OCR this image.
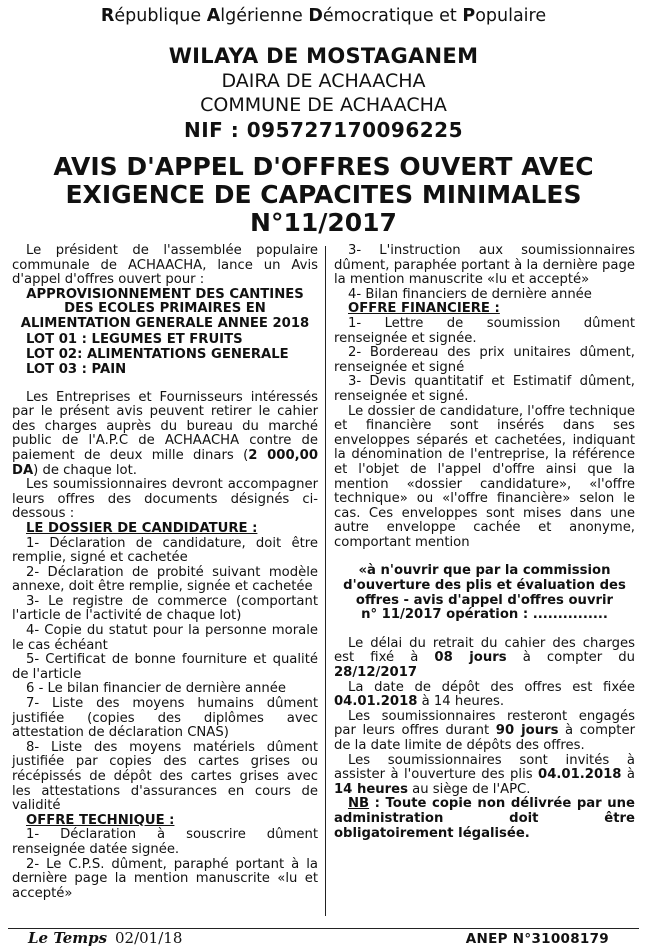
République Algérienne Démocratique et Populaire
WILAYA DE MOSTAGANEM
DAIRA DE ACHAACHA
COMMUNE DE ACHAACHA
NIF : 095727170096225
AVIS D'APPEL D'OFFRES OUVERT AVEC
EXIGENCE DE CAPACITES MINIMALES
N°11/2017

Le président de l'assemblée populaire communale de ACHAACHA, lance un Avis d'appel d'offres ouvert pour :

APPROVISIONNEMENT DES CANTINES DES ECOLES PRIMAIRES EN ALIMENTATION GENERALE ANNEE 2018

LOT 01 : LEGUMES ET FRUITS

LOT 02: ALIMENTATIONS GENERALE

LOT 03 : PAIN

Les Entreprises et Fournisseurs intéressés par le présent avis peuvent retirer le cahier des charges auprès du bureau du marché public de l'A.P.C de ACHAACHA contre de paiement de deux mille dinars (2 000,00 DA) de chaque lot.

Les soumissionnaires devront accompagner leurs offres des documents désignés ci-dessous :

LE DOSSIER DE CANDIDATURE :

1- Déclaration de candidature, doit être remplie, signé et cachetée

2- Déclaration de probité suivant modèle annexe, doit être remplie, signée et cachetée

3- Le registre de commerce (comportant l'article de l'activité de chaque lot)

4- Copie du statut pour la personne morale le cas échéant

5- Certificat de bonne fourniture et qualité de l'article

6 - Le bilan financier de dernière année

7- Liste des moyens humains dûment justifiée (copies des diplômes avec attestation de déclaration CNAS)

8- Liste des moyens matériels dûment justifiée par copies des cartes grises ou récépissés de dépôt des cartes grises avec les attestations d'assurances en cours de validité

OFFRE TECHNIQUE :

1- Déclaration à souscrire dûment renseignée datée signée.

2- Le C.P.S. dûment, paraphé portant à la dernière page la mention manuscrite «lu et accepté»

3- L'instruction aux soumissionnaires dûment, paraphée portant à la dernière page la mention manuscrite «lu et accepté»

4- Bilan financiers de dernière année

OFFRE FINANCIERE :

1- Lettre de soumission dûment renseignée et signée.

2- Bordereau des prix unitaires dûment, renseignée et signé

3- Devis quantitatif et Estimatif dûment, renseignée et signé.

Le dossier de candidature, l'offre technique et financière sont insérés dans ses enveloppes séparés et cachetées, indiquant la dénomination de l'entreprise, la référence et l'objet de l'appel d'offre ainsi que la mention «dossier candidature», «l'offre technique» ou «l'offre financière» selon le cas. Ces enveloppes sont mises dans une autre enveloppe cachée et anonyme, comportant mention

«à n'ouvrir que par la commission d'ouverture des plis et évaluation des offres - avis d'appel d'offres ouvrir

n° 11/2017 opération : ...............

Le délai du retrait du cahier des charges est fixé à 08 jours à compter du 28/12/2017

La date de dépôt des offres est fixée 04.01.2018 à 14 heures.

Les soumissionnaires resteront engagés par leurs offres durant 90 jours à compter de la date limite de dépôts des offres.

Les soumissionnaires sont invités à assister à l'ouverture des plis 04.01.2018 à 14 heures au siège de l'APC.

NB : Toute copie non délivrée par une administration doit être obligatoirement légalisée.

Le Temps 02/01/18	ANEP N°31008179
